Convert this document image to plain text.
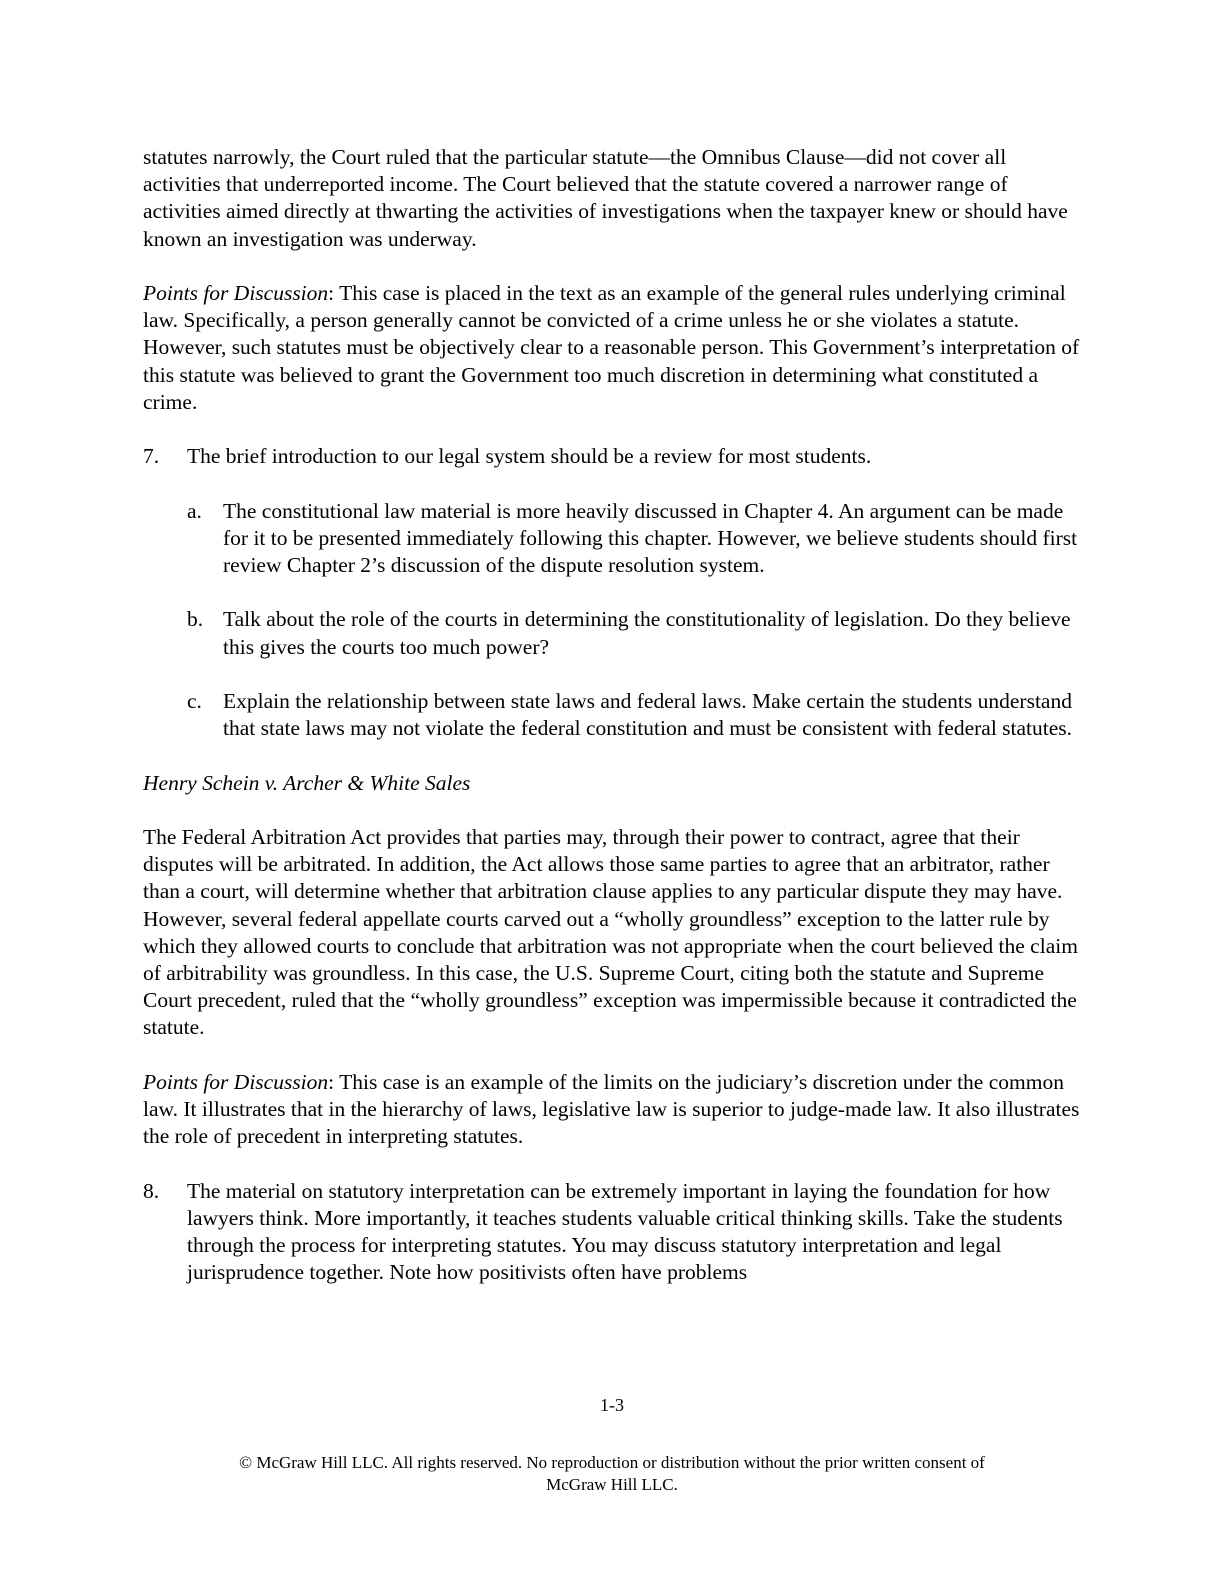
statutes narrowly, the Court ruled that the particular statute—the Omnibus Clause—did not cover all activities that underreported income. The Court believed that the statute covered a narrower range of activities aimed directly at thwarting the activities of investigations when the taxpayer knew or should have known an investigation was underway.

Points for Discussion: This case is placed in the text as an example of the general rules underlying criminal law. Specifically, a person generally cannot be convicted of a crime unless he or she violates a statute. However, such statutes must be objectively clear to a reasonable person. This Government’s interpretation of this statute was believed to grant the Government too much discretion in determining what constituted a crime.

7. The brief introduction to our legal system should be a review for most students.

a. The constitutional law material is more heavily discussed in Chapter 4. An argument can be made for it to be presented immediately following this chapter. However, we believe students should first review Chapter 2’s discussion of the dispute resolution system.

b. Talk about the role of the courts in determining the constitutionality of legislation. Do they believe this gives the courts too much power?

c. Explain the relationship between state laws and federal laws. Make certain the students understand that state laws may not violate the federal constitution and must be consistent with federal statutes.

Henry Schein v. Archer & White Sales

The Federal Arbitration Act provides that parties may, through their power to contract, agree that their disputes will be arbitrated. In addition, the Act allows those same parties to agree that an arbitrator, rather than a court, will determine whether that arbitration clause applies to any particular dispute they may have. However, several federal appellate courts carved out a “wholly groundless” exception to the latter rule by which they allowed courts to conclude that arbitration was not appropriate when the court believed the claim of arbitrability was groundless. In this case, the U.S. Supreme Court, citing both the statute and Supreme Court precedent, ruled that the “wholly groundless” exception was impermissible because it contradicted the statute.

Points for Discussion: This case is an example of the limits on the judiciary’s discretion under the common law. It illustrates that in the hierarchy of laws, legislative law is superior to judge-made law. It also illustrates the role of precedent in interpreting statutes.

8. The material on statutory interpretation can be extremely important in laying the foundation for how lawyers think. More importantly, it teaches students valuable critical thinking skills. Take the students through the process for interpreting statutes. You may discuss statutory interpretation and legal jurisprudence together. Note how positivists often have problems

1-3
© McGraw Hill LLC. All rights reserved. No reproduction or distribution without the prior written consent of
McGraw Hill LLC.
